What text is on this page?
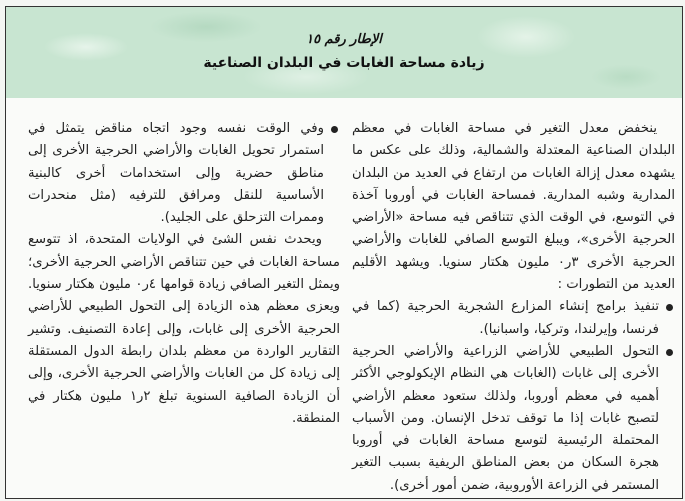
الإطار رقم ١٥
زيادة مساحة الغابات في البلدان الصناعية

ينخفض معدل التغير في مساحة الغابات في معظم البلدان الصناعية المعتدلة والشمالية، وذلك على عكس ما يشهده معدل إزالة الغابات من ارتفاع في العديد من البلدان المدارية وشبه المدارية. فمساحة الغابات في أوروبا آخذة في التوسع، في الوقت الذي تتناقص فيه مساحة «الأراضي الحرجية الأخرى»، ويبلغ التوسع الصافي للغابات والأراضي الحرجية الأخرى ٣ر٠ مليون هكتار سنويا. ويشهد الأقليم العديد من التطورات :

تنفيذ برامج إنشاء المزارع الشجرية الحرجية (كما في فرنسا، وإيرلندا، وتركيا، واسبانيا).

التحول الطبيعي للأراضي الزراعية والأراضي الحرجية الأخرى إلى غابات (الغابات هي النظام الإيكولوجي الأكثر أهميه في معظم أوروبا، ولذلك ستعود معظم الأراضي لتصبح غابات إذا ما توقف تدخل الإنسان. ومن الأسباب المحتملة الرئيسية لتوسع مساحة الغابات في أوروبا هجرة السكان من بعض المناطق الريفية بسبب التغير المستمر في الزراعة الأوروبية، ضمن أمور أخرى).

وفي الوقت نفسه وجود اتجاه مناقض يتمثل في استمرار تحويل الغابات والأراضي الحرجية الأخرى إلى مناطق حضرية وإلى استخدامات أخرى كالبنية الأساسية للنقل ومرافق للترفيه (مثل منحدرات وممرات التزحلق على الجليد).

ويحدث نفس الشئ في الولايات المتحدة، اذ تتوسع مساحة الغابات في حين تتناقص الأراضي الحرجية الأخرى؛ ويمثل التغير الصافي زيادة قوامها ٤ر٠ مليون هكتار سنويا. ويعزى معظم هذه الزيادة إلى التحول الطبيعي للأراضي الحرجية الأخرى إلى غابات، وإلى إعادة التصنيف. وتشير التقارير الواردة من معظم بلدان رابطة الدول المستقلة إلى زيادة كل من الغابات والأراضي الحرجية الأخرى، وإلى أن الزيادة الصافية السنوية تبلغ ٢ر١ مليون هكتار في المنطقة.
